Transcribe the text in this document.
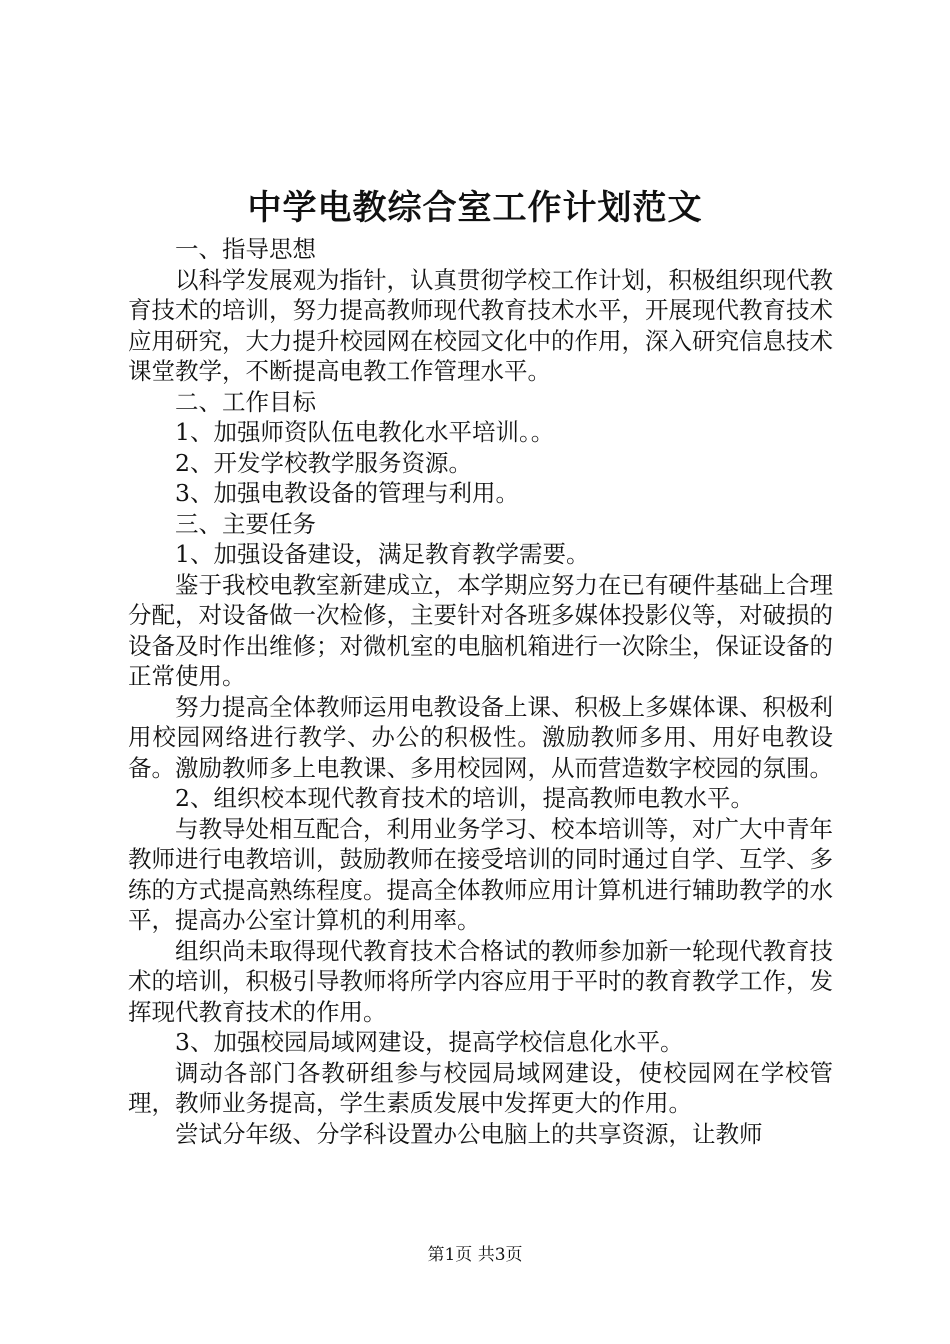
中学电教综合室工作计划范文

一、指导思想

以科学发展观为指针，认真贯彻学校工作计划，积极组织现代教育技术的培训，努力提高教师现代教育技术水平，开展现代教育技术应用研究，大力提升校园网在校园文化中的作用，深入研究信息技术课堂教学，不断提高电教工作管理水平。

二、工作目标

1、加强师资队伍电教化水平培训。。

2、开发学校教学服务资源。

3、加强电教设备的管理与利用。

三、主要任务

1、加强设备建设，满足教育教学需要。

鉴于我校电教室新建成立，本学期应努力在已有硬件基础上合理分配，对设备做一次检修，主要针对各班多媒体投影仪等，对破损的设备及时作出维修；对微机室的电脑机箱进行一次除尘，保证设备的正常使用。

努力提高全体教师运用电教设备上课、积极上多媒体课、积极利用校园网络进行教学、办公的积极性。激励教师多用、用好电教设备。激励教师多上电教课、多用校园网，从而营造数字校园的氛围。

2、组织校本现代教育技术的培训，提高教师电教水平。

与教导处相互配合，利用业务学习、校本培训等，对广大中青年教师进行电教培训，鼓励教师在接受培训的同时通过自学、互学、多练的方式提高熟练程度。提高全体教师应用计算机进行辅助教学的水平，提高办公室计算机的利用率。

组织尚未取得现代教育技术合格试的教师参加新一轮现代教育技术的培训，积极引导教师将所学内容应用于平时的教育教学工作，发挥现代教育技术的作用。

3、加强校园局域网建设，提高学校信息化水平。

调动各部门各教研组参与校园局域网建设，使校园网在学校管理，教师业务提高，学生素质发展中发挥更大的作用。

尝试分年级、分学科设置办公电脑上的共享资源，让教师

第1页 共3页
